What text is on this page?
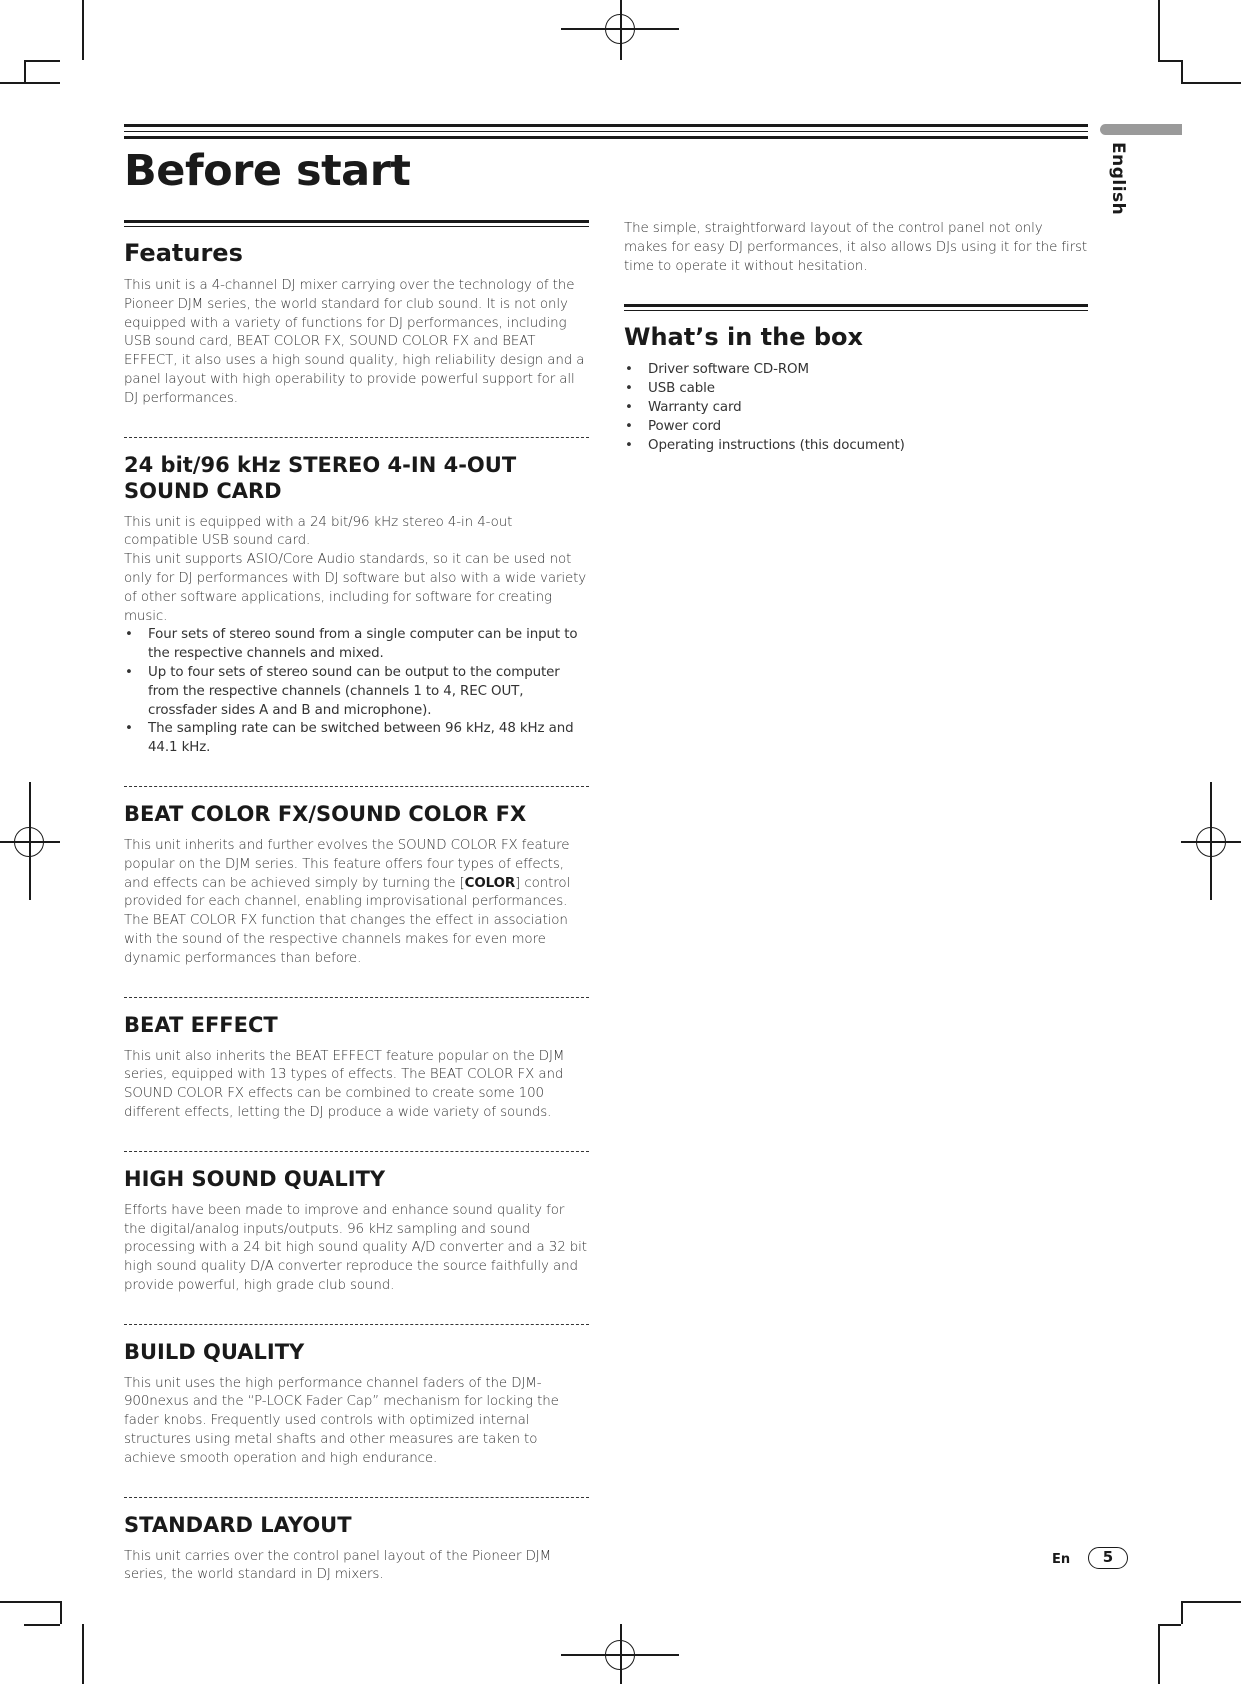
Before start	English
Features

This unit is a 4-channel DJ mixer carrying over the technology of the Pioneer DJM series, the world standard for club sound. It is not only equipped with a variety of functions for DJ performances, including USB sound card, BEAT COLOR FX, SOUND COLOR FX and BEAT EFFECT, it also uses a high sound quality, high reliability design and a panel layout with high operability to provide powerful support for all DJ performances.

24 bit/96 kHz STEREO 4-IN 4-OUT SOUND CARD

This unit is equipped with a 24 bit/96 kHz stereo 4-in 4-out compatible USB sound card.

This unit supports ASIO/Core Audio standards, so it can be used not only for DJ performances with DJ software but also with a wide variety of other software applications, including for software for creating music.

• Four sets of stereo sound from a single computer can be input to the respective channels and mixed.
• Up to four sets of stereo sound can be output to the computer from the respective channels (channels 1 to 4, REC OUT, crossfader sides A and B and microphone).
• The sampling rate can be switched between 96 kHz, 48 kHz and 44.1 kHz.
BEAT COLOR FX/SOUND COLOR FX

This unit inherits and further evolves the SOUND COLOR FX feature popular on the DJM series. This feature offers four types of effects, and effects can be achieved simply by turning the [COLOR] control provided for each channel, enabling improvisational performances. The BEAT COLOR FX function that changes the effect in association with the sound of the respective channels makes for even more dynamic performances than before.

BEAT EFFECT

This unit also inherits the BEAT EFFECT feature popular on the DJM series, equipped with 13 types of effects. The BEAT COLOR FX and SOUND COLOR FX effects can be combined to create some 100 different effects, letting the DJ produce a wide variety of sounds.

HIGH SOUND QUALITY

Efforts have been made to improve and enhance sound quality for the digital/analog inputs/outputs. 96 kHz sampling and sound processing with a 24 bit high sound quality A/D converter and a 32 bit high sound quality D/A converter reproduce the source faithfully and provide powerful, high grade club sound.

BUILD QUALITY

This unit uses the high performance channel faders of the DJM-900nexus and the “P-LOCK Fader Cap” mechanism for locking the fader knobs. Frequently used controls with optimized internal structures using metal shafts and other measures are taken to achieve smooth operation and high endurance.

STANDARD LAYOUT

This unit carries over the control panel layout of the Pioneer DJM series, the world standard in DJ mixers.

The simple, straightforward layout of the control panel not only makes for easy DJ performances, it also allows DJs using it for the first time to operate it without hesitation.

What’s in the box
• Driver software CD-ROM
• USB cable
• Warranty card
• Power cord
• Operating instructions (this document)
En	5
